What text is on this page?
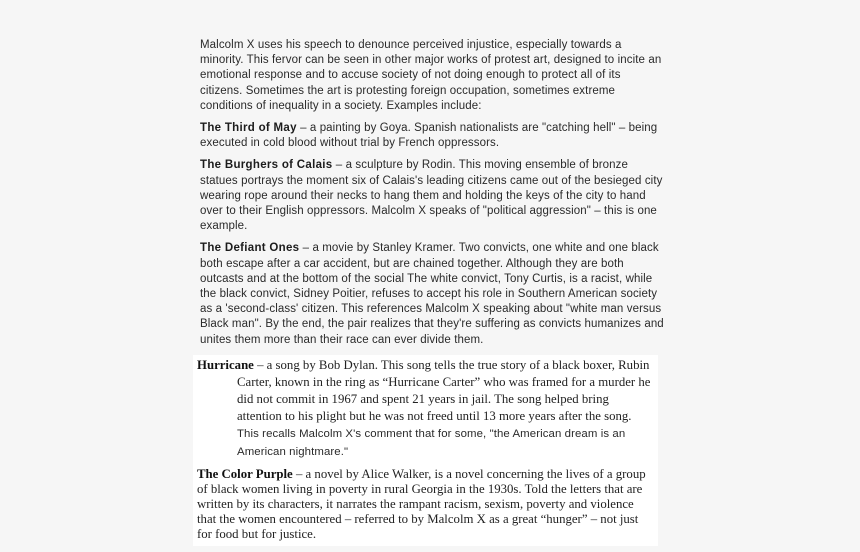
Malcolm X uses his speech to denounce perceived injustice, especially towards a minority. This fervor can be seen in other major works of protest art, designed to incite an emotional response and to accuse society of not doing enough to protect all of its citizens. Sometimes the art is protesting foreign occupation, sometimes extreme conditions of inequality in a society. Examples include:

The Third of May – a painting by Goya. Spanish nationalists are "catching hell" – being executed in cold blood without trial by French oppressors.

The Burghers of Calais – a sculpture by Rodin. This moving ensemble of bronze statues portrays the moment six of Calais's leading citizens came out of the besieged city wearing rope around their necks to hang them and holding the keys of the city to hand over to their English oppressors. Malcolm X speaks of "political aggression" – this is one example.

The Defiant Ones – a movie by Stanley Kramer. Two convicts, one white and one black both escape after a car accident, but are chained together. Although they are both outcasts and at the bottom of the social The white convict, Tony Curtis, is a racist, while the black convict, Sidney Poitier, refuses to accept his role in Southern American society as a 'second-class' citizen. This references Malcolm X speaking about "white man versus Black man". By the end, the pair realizes that they're suffering as convicts humanizes and unites them more than their race can ever divide them.

Hurricane – a song by Bob Dylan. This song tells the true story of a black boxer, Rubin Carter, known in the ring as “Hurricane Carter” who was framed for a murder he did not commit in 1967 and spent 21 years in jail. The song helped bring attention to his plight but he was not freed until 13 more years after the song. This recalls Malcolm X's comment that for some, "the American dream is an American nightmare."

The Color Purple – a novel by Alice Walker, is a novel concerning the lives of a group of black women living in poverty in rural Georgia in the 1930s. Told the letters that are written by its characters, it narrates the rampant racism, sexism, poverty and violence that the women encountered – referred to by Malcolm X as a great “hunger” – not just for food but for justice.
